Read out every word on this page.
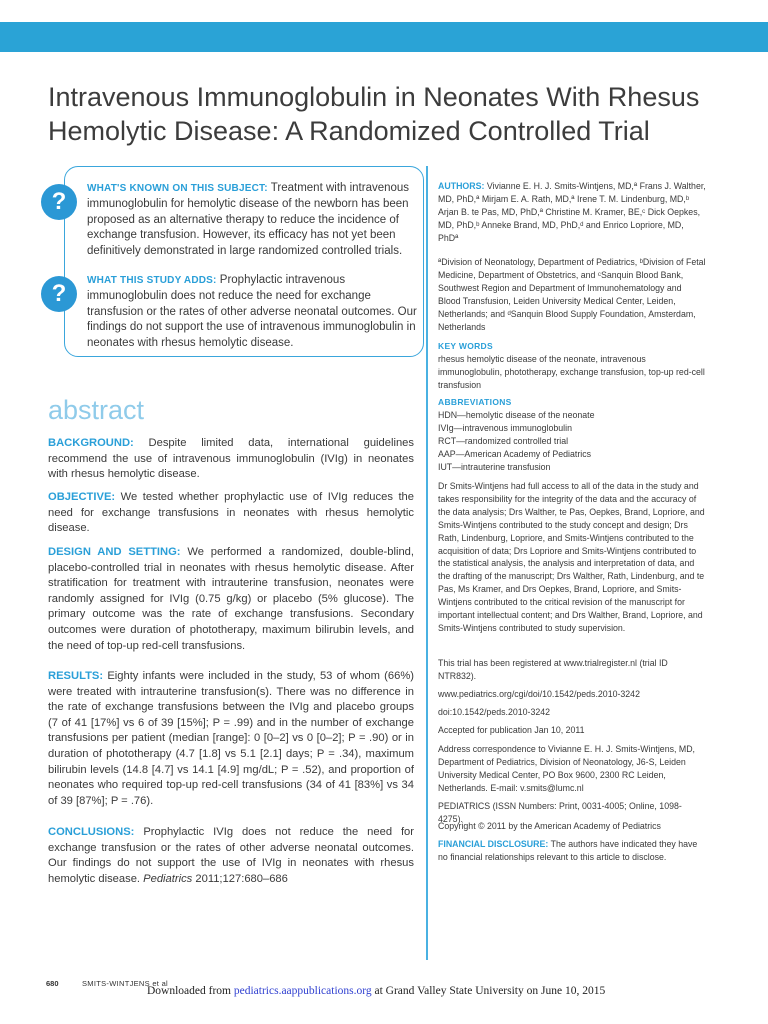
Intravenous Immunoglobulin in Neonates With Rhesus
Hemolytic Disease: A Randomized Controlled Trial
?
?
WHAT'S KNOWN ON THIS SUBJECT: Treatment with intravenous immunoglobulin for hemolytic disease of the newborn has been proposed as an alternative therapy to reduce the incidence of exchange transfusion. However, its efficacy has not yet been definitively demonstrated in large randomized controlled trials.
WHAT THIS STUDY ADDS: Prophylactic intravenous immunoglobulin does not reduce the need for exchange transfusion or the rates of other adverse neonatal outcomes. Our findings do not support the use of intravenous immunoglobulin in neonates with rhesus hemolytic disease.
abstract
BACKGROUND: Despite limited data, international guidelines recommend the use of intravenous immunoglobulin (IVIg) in neonates with rhesus hemolytic disease.
OBJECTIVE: We tested whether prophylactic use of IVIg reduces the need for exchange transfusions in neonates with rhesus hemolytic disease.
DESIGN AND SETTING: We performed a randomized, double-blind, placebo-controlled trial in neonates with rhesus hemolytic disease. After stratification for treatment with intrauterine transfusion, neonates were randomly assigned for IVIg (0.75 g/kg) or placebo (5% glucose). The primary outcome was the rate of exchange transfusions. Secondary outcomes were duration of phototherapy, maximum bilirubin levels, and the need of top-up red-cell transfusions.
RESULTS: Eighty infants were included in the study, 53 of whom (66%) were treated with intrauterine transfusion(s). There was no difference in the rate of exchange transfusions between the IVIg and placebo groups (7 of 41 [17%] vs 6 of 39 [15%]; P = .99) and in the number of exchange transfusions per patient (median [range]: 0 [0–2] vs 0 [0–2]; P = .90) or in duration of phototherapy (4.7 [1.8] vs 5.1 [2.1] days; P = .34), maximum bilirubin levels (14.8 [4.7] vs 14.1 [4.9] mg/dL; P = .52), and proportion of neonates who required top-up red-cell transfusions (34 of 41 [83%] vs 34 of 39 [87%]; P = .76).
CONCLUSIONS: Prophylactic IVIg does not reduce the need for exchange transfusion or the rates of other adverse neonatal outcomes. Our findings do not support the use of IVIg in neonates with rhesus hemolytic disease. Pediatrics 2011;127:680–686
AUTHORS: Vivianne E. H. J. Smits-Wintjens, MD,ª Frans J. Walther, MD, PhD,ª Mirjam E. A. Rath, MD,ª Irene T. M. Lindenburg, MD,ᵇ Arjan B. te Pas, MD, PhD,ª Christine M. Kramer, BE,ᶜ Dick Oepkes, MD, PhD,ᵇ Anneke Brand, MD, PhD,ᵈ and Enrico Lopriore, MD, PhDª
ªDivision of Neonatology, Department of Pediatrics, ᵇDivision of Fetal Medicine, Department of Obstetrics, and ᶜSanquin Blood Bank, Southwest Region and Department of Immunohematology and Blood Transfusion, Leiden University Medical Center, Leiden, Netherlands; and ᵈSanquin Blood Supply Foundation, Amsterdam, Netherlands
KEY WORDS
rhesus hemolytic disease of the neonate, intravenous immunoglobulin, phototherapy, exchange transfusion, top-up red-cell transfusion
ABBREVIATIONS
HDN—hemolytic disease of the neonate
IVIg—intravenous immunoglobulin
RCT—randomized controlled trial
AAP—American Academy of Pediatrics
IUT—intrauterine transfusion
Dr Smits-Wintjens had full access to all of the data in the study and takes responsibility for the integrity of the data and the accuracy of the data analysis; Drs Walther, te Pas, Oepkes, Brand, Lopriore, and Smits-Wintjens contributed to the study concept and design; Drs Rath, Lindenburg, Lopriore, and Smits-Wintjens contributed to the acquisition of data; Drs Lopriore and Smits-Wintjens contributed to the statistical analysis, the analysis and interpretation of data, and the drafting of the manuscript; Drs Walther, Rath, Lindenburg, and te Pas, Ms Kramer, and Drs Oepkes, Brand, Lopriore, and Smits-Wintjens contributed to the critical revision of the manuscript for important intellectual content; and Drs Walther, Brand, Lopriore, and Smits-Wintjens contributed to study supervision.
This trial has been registered at www.trialregister.nl (trial ID NTR832).
www.pediatrics.org/cgi/doi/10.1542/peds.2010-3242
doi:10.1542/peds.2010-3242
Accepted for publication Jan 10, 2011
Address correspondence to Vivianne E. H. J. Smits-Wintjens, MD, Department of Pediatrics, Division of Neonatology, J6-S, Leiden University Medical Center, PO Box 9600, 2300 RC Leiden, Netherlands. E-mail: v.smits@lumc.nl
PEDIATRICS (ISSN Numbers: Print, 0031-4005; Online, 1098-4275).
Copyright © 2011 by the American Academy of Pediatrics
FINANCIAL DISCLOSURE: The authors have indicated they have no financial relationships relevant to this article to disclose.
680	SMITS-WINTJENS et al
Downloaded from pediatrics.aappublications.org at Grand Valley State University on June 10, 2015
